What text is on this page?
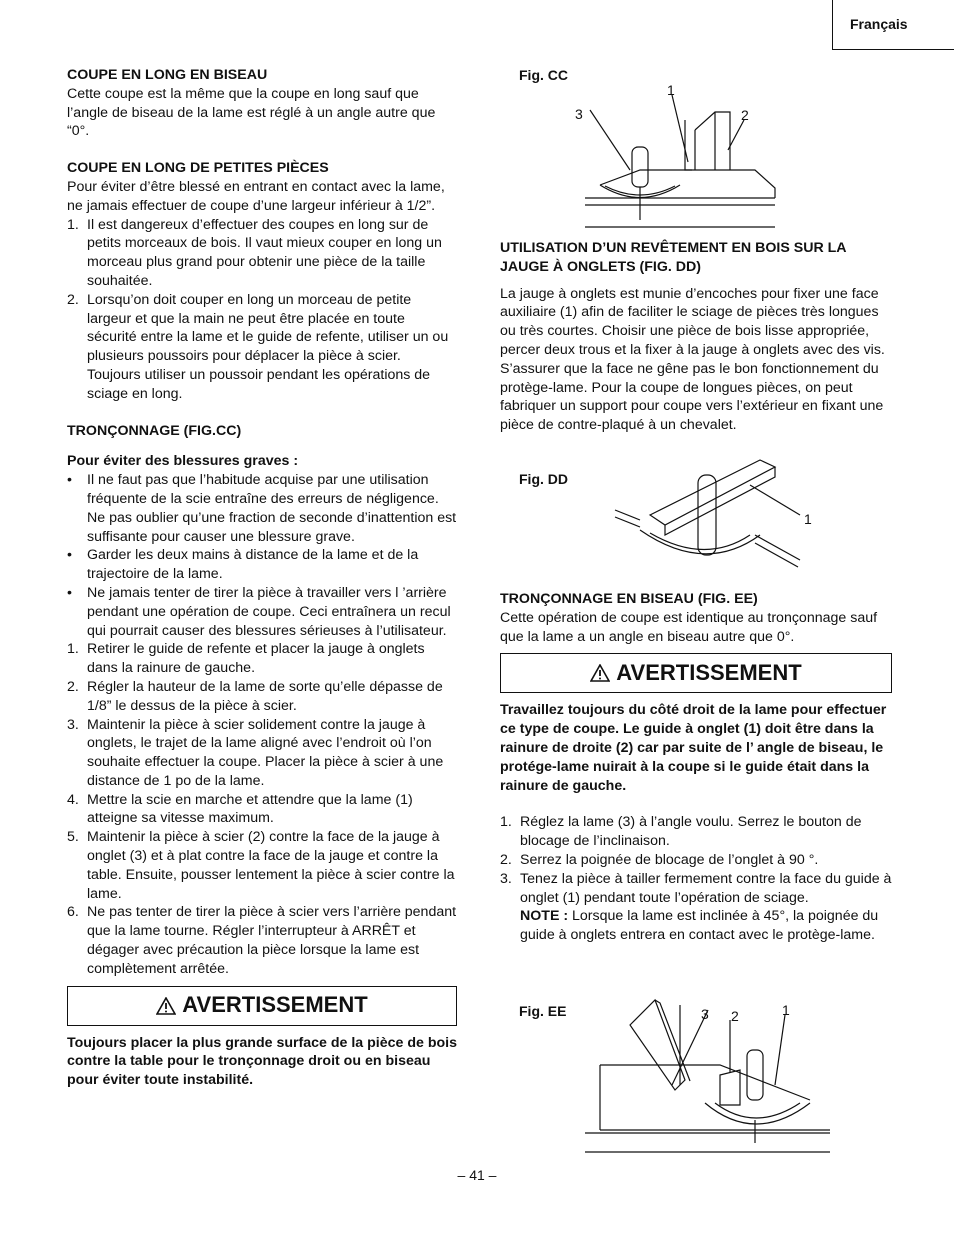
Français
COUPE EN LONG EN BISEAU

Cette coupe est la même que la coupe en long sauf que l’angle de biseau de la lame est réglé à un angle autre que “0°.

COUPE EN LONG DE PETITES PIÈCES

Pour éviter d’être blessé en entrant en contact avec la lame, ne jamais effectuer de coupe d’une largeur inférieur à 1/2”.

1. Il est dangereux d’effectuer des coupes en long sur de petits morceaux de bois. Il vaut mieux couper en long un morceau plus grand pour obtenir une pièce de la taille souhaitée.
2. Lorsqu’on doit couper en long un morceau de petite largeur et que la main ne peut être placée en toute sécurité entre la lame et le guide de refente, utiliser un ou plusieurs poussoirs pour déplacer la pièce à scier. Toujours utiliser un poussoir pendant les opérations de sciage en long.
TRONÇONNAGE (FIG.CC)

Pour éviter des blessures graves :

• Il ne faut pas que l’habitude acquise par une utilisation fréquente de la scie entraîne des erreurs de négligence. Ne pas oublier qu’une fraction de seconde d’inattention est suffisante pour causer une blessure grave.
• Garder les deux mains à distance de la lame et de la trajectoire de la lame.
• Ne jamais tenter de tirer la pièce à travailler vers l ’arrière pendant une opération de coupe. Ceci entraînera un recul qui pourrait causer des blessures sérieuses à l’utilisateur.
1. Retirer le guide de refente et placer la jauge à onglets dans la rainure de gauche.
2. Régler la hauteur de la lame de sorte qu’elle dépasse de 1/8” le dessus de la pièce à scier.
3. Maintenir la pièce à scier solidement contre la jauge à onglets, le trajet de la lame aligné avec l’endroit où l’on souhaite effectuer la coupe. Placer la pièce à scier à une distance de 1 po de la lame.
4. Mettre la scie en marche et attendre que la lame (1) atteigne sa vitesse maximum.
5. Maintenir la pièce à scier (2) contre la face de la jauge à onglet (3) et à plat contre la face de la jauge et contre la table. Ensuite, pousser lentement la pièce à scier contre la lame.
6. Ne pas tenter de tirer la pièce à scier vers l’arrière pendant que la lame tourne. Régler l’interrupteur à ARRÊT et dégager avec précaution la pièce lorsque la lame est complètement arrêtée.
AVERTISSEMENT

Toujours placer la plus grande surface de la pièce de bois contre la table pour le tronçonnage droit ou en biseau pour éviter toute instabilité.

Fig. CC
1
2
3
UTILISATION D’UN REVÊTEMENT EN BOIS SUR LA JAUGE À ONGLETS (FIG. DD)

La jauge à onglets est munie d’encoches pour fixer une face auxiliaire (1) afin de faciliter le sciage de pièces très longues ou très courtes. Choisir une pièce de bois lisse appropriée, percer deux trous et la fixer à la jauge à onglets avec des vis. S’assurer que la face ne gêne pas le bon fonctionnement du protège-lame. Pour la coupe de longues pièces, on peut fabriquer un support pour coupe vers l’extérieur en fixant une pièce de contre-plaqué à un chevalet.

Fig. DD
1
TRONÇONNAGE EN BISEAU (FIG. EE)

Cette opération de coupe est identique au tronçonnage sauf que la lame a un angle en biseau autre que 0°.

AVERTISSEMENT

Travaillez toujours du côté droit de la lame pour effectuer ce type de coupe. Le guide à onglet (1) doit être dans la rainure de droite (2) car par suite de l’ angle de biseau, le protége-lame nuirait à la coupe si le guide était dans la rainure de gauche.

1. Réglez la lame (3) à l’angle voulu. Serrez le bouton de blocage de l’inclinaison.
2. Serrez la poignée de blocage de l’onglet à 90 °.
3. Tenez la pièce à tailler fermement contre la face du guide à onglet (1) pendant toute l’opération de sciage.

NOTE : Lorsque la lame est inclinée à 45°, la poignée du guide à onglets entrera en contact avec le protège-lame.

Fig. EE	3 2	1
– 41 –
